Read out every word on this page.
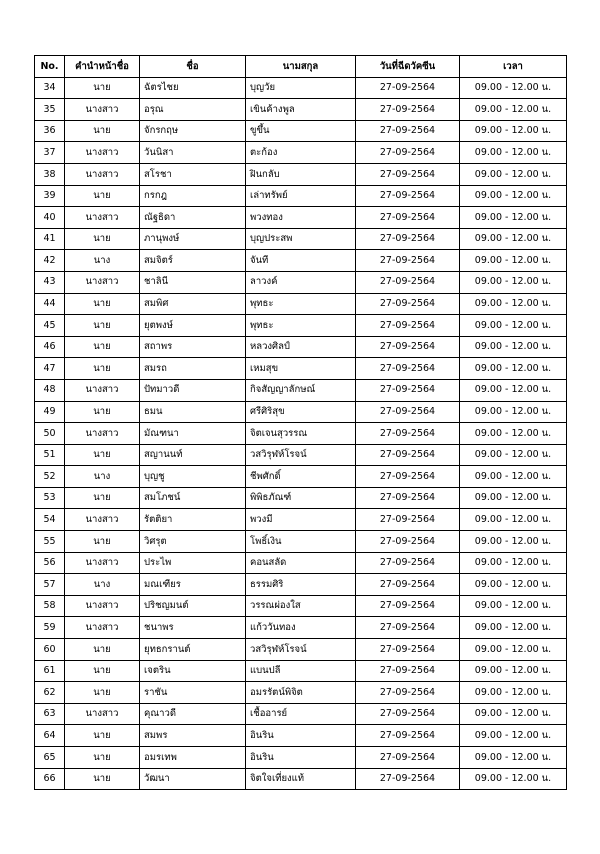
No.	คำนำหน้าชื่อ	ชื่อ	นามสกุล	วันที่ฉีดวัคซีน	เวลา
34	นาย	ฉัตรไชย	บุญวัย	27-09-2564	09.00 - 12.00 น.
35	นางสาว	อรุณ	เขินค้างพูล	27-09-2564	09.00 - 12.00 น.
36	นาย	จักรกฤษ	ขูขึ้น	27-09-2564	09.00 - 12.00 น.
37	นางสาว	วันนิสา	ตะก้อง	27-09-2564	09.00 - 12.00 น.
38	นางสาว	สโรชา	ฝินกลับ	27-09-2564	09.00 - 12.00 น.
39	นาย	กรกฎ	เล่าทรัพย์	27-09-2564	09.00 - 12.00 น.
40	นางสาว	ณัฐธิดา	พวงทอง	27-09-2564	09.00 - 12.00 น.
41	นาย	ภานุพงษ์	บุญประสพ	27-09-2564	09.00 - 12.00 น.
42	นาง	สมจิตร์	จันที	27-09-2564	09.00 - 12.00 น.
43	นางสาว	ชาลินี	ลาวงค์	27-09-2564	09.00 - 12.00 น.
44	นาย	สมพิศ	พุทธะ	27-09-2564	09.00 - 12.00 น.
45	นาย	ยุตพงษ์	พุทธะ	27-09-2564	09.00 - 12.00 น.
46	นาย	สถาพร	หลวงศิลป์	27-09-2564	09.00 - 12.00 น.
47	นาย	สมรถ	เหมสุข	27-09-2564	09.00 - 12.00 น.
48	นางสาว	ปัทมาวดี	กิจสัญญาลักษณ์	27-09-2564	09.00 - 12.00 น.
49	นาย	ธมน	ศรีศิริสุข	27-09-2564	09.00 - 12.00 น.
50	นางสาว	มัณฑนา	จิตเจนสุวรรณ	27-09-2564	09.00 - 12.00 น.
51	นาย	สญานนท์	วสวิรุฬห์โรจน์	27-09-2564	09.00 - 12.00 น.
52	นาง	บุญชู	ชีพศักดิ์	27-09-2564	09.00 - 12.00 น.
53	นาย	สมโภชน์	พิพิธภัณฑ์	27-09-2564	09.00 - 12.00 น.
54	นางสาว	รัตติยา	พวงมี	27-09-2564	09.00 - 12.00 น.
55	นาย	วิศรุต	โพธิ์เงิน	27-09-2564	09.00 - 12.00 น.
56	นางสาว	ประไพ	คอนสลัด	27-09-2564	09.00 - 12.00 น.
57	นาง	มณเฑียร	ธรรมศิริ	27-09-2564	09.00 - 12.00 น.
58	นางสาว	ปริชญมนต์	วรรณผ่องใส	27-09-2564	09.00 - 12.00 น.
59	นางสาว	ชนาพร	แก้ววันทอง	27-09-2564	09.00 - 12.00 น.
60	นาย	ยุทธกรานต์	วสวิรุฬห์โรจน์	27-09-2564	09.00 - 12.00 น.
61	นาย	เจตริน	แบนปลี	27-09-2564	09.00 - 12.00 น.
62	นาย	ราชัน	อมรรัตน์พิจิต	27-09-2564	09.00 - 12.00 น.
63	นางสาว	คุณาวดี	เชื้ออารย์	27-09-2564	09.00 - 12.00 น.
64	นาย	สมพร	อินริน	27-09-2564	09.00 - 12.00 น.
65	นาย	อมรเทพ	อินริน	27-09-2564	09.00 - 12.00 น.
66	นาย	วัฒนา	จิตใจเที่ยงแท้	27-09-2564	09.00 - 12.00 น.
